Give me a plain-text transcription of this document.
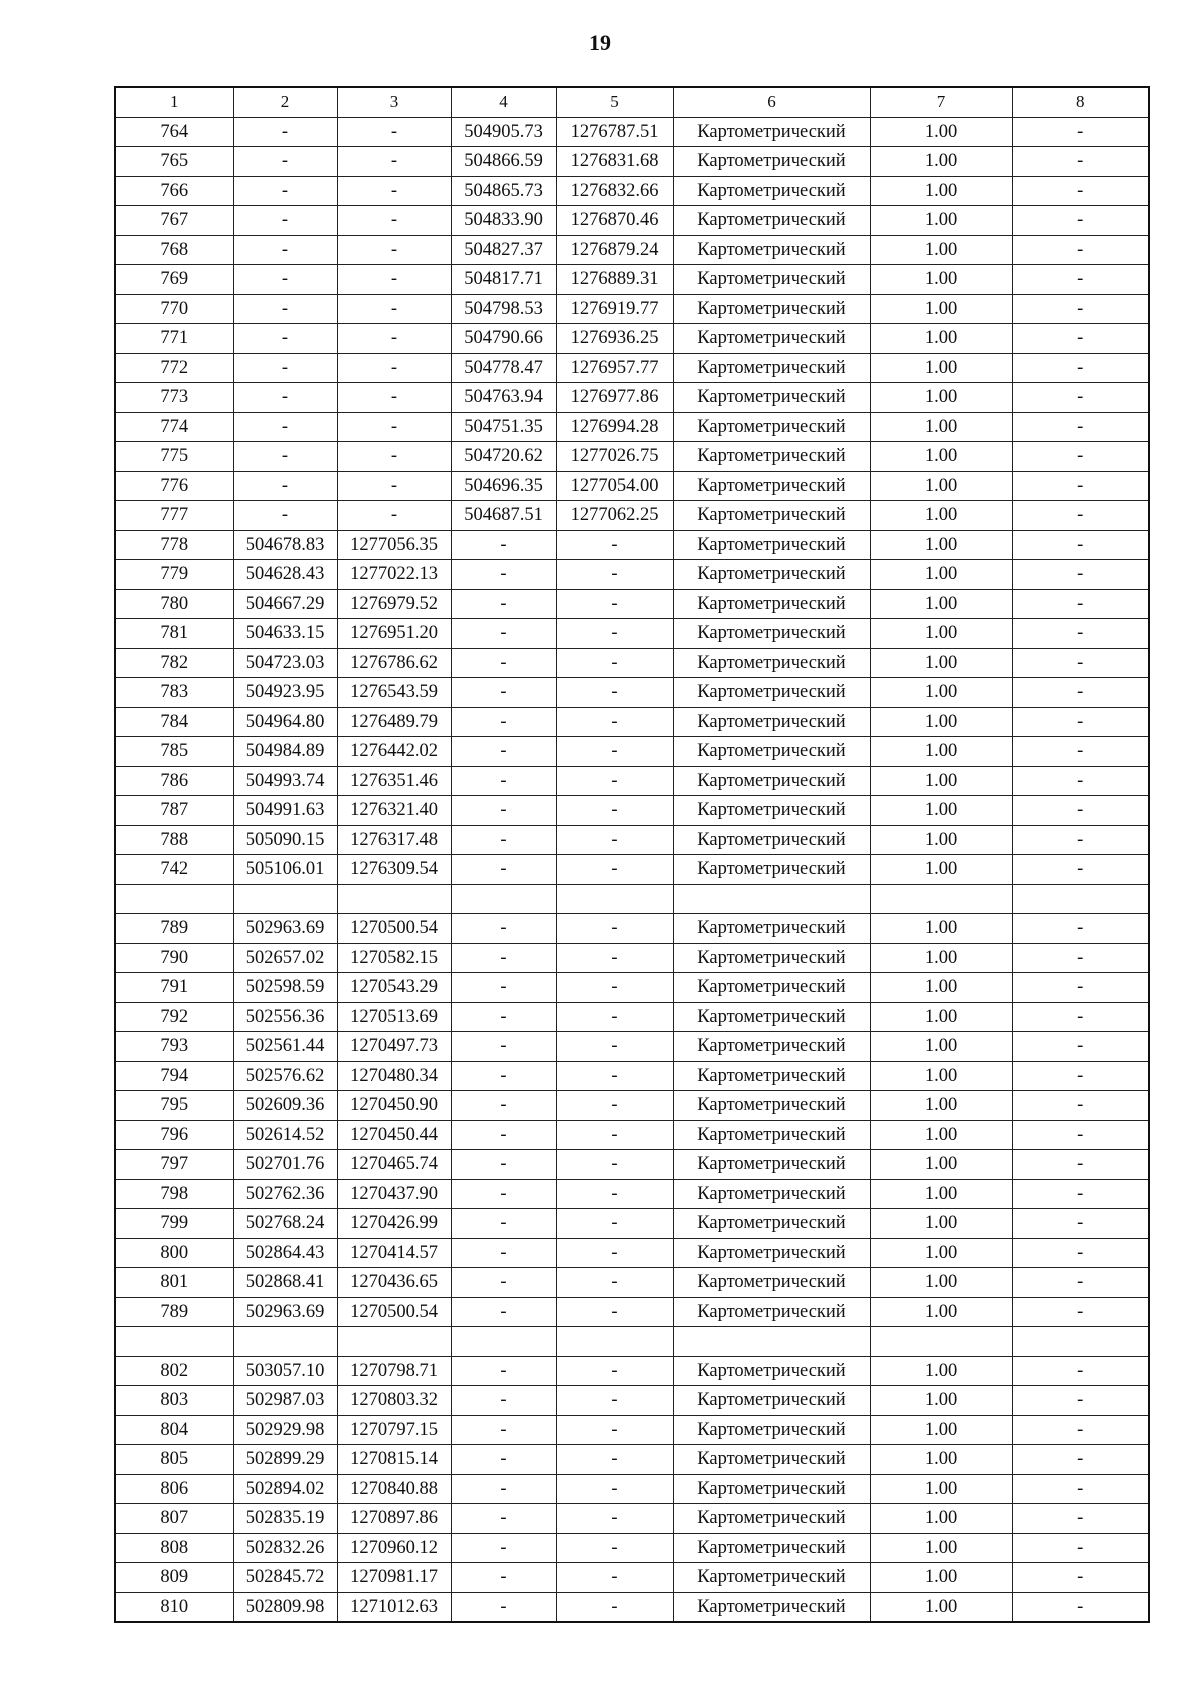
19
1	2	3	4	5	6	7	8
764	-	-	504905.73	1276787.51	Картометрический	1.00	-
765	-	-	504866.59	1276831.68	Картометрический	1.00	-
766	-	-	504865.73	1276832.66	Картометрический	1.00	-
767	-	-	504833.90	1276870.46	Картометрический	1.00	-
768	-	-	504827.37	1276879.24	Картометрический	1.00	-
769	-	-	504817.71	1276889.31	Картометрический	1.00	-
770	-	-	504798.53	1276919.77	Картометрический	1.00	-
771	-	-	504790.66	1276936.25	Картометрический	1.00	-
772	-	-	504778.47	1276957.77	Картометрический	1.00	-
773	-	-	504763.94	1276977.86	Картометрический	1.00	-
774	-	-	504751.35	1276994.28	Картометрический	1.00	-
775	-	-	504720.62	1277026.75	Картометрический	1.00	-
776	-	-	504696.35	1277054.00	Картометрический	1.00	-
777	-	-	504687.51	1277062.25	Картометрический	1.00	-
778	504678.83	1277056.35	-	-	Картометрический	1.00	-
779	504628.43	1277022.13	-	-	Картометрический	1.00	-
780	504667.29	1276979.52	-	-	Картометрический	1.00	-
781	504633.15	1276951.20	-	-	Картометрический	1.00	-
782	504723.03	1276786.62	-	-	Картометрический	1.00	-
783	504923.95	1276543.59	-	-	Картометрический	1.00	-
784	504964.80	1276489.79	-	-	Картометрический	1.00	-
785	504984.89	1276442.02	-	-	Картометрический	1.00	-
786	504993.74	1276351.46	-	-	Картометрический	1.00	-
787	504991.63	1276321.40	-	-	Картометрический	1.00	-
788	505090.15	1276317.48	-	-	Картометрический	1.00	-
742	505106.01	1276309.54	-	-	Картометрический	1.00	-

789	502963.69	1270500.54	-	-	Картометрический	1.00	-
790	502657.02	1270582.15	-	-	Картометрический	1.00	-
791	502598.59	1270543.29	-	-	Картометрический	1.00	-
792	502556.36	1270513.69	-	-	Картометрический	1.00	-
793	502561.44	1270497.73	-	-	Картометрический	1.00	-
794	502576.62	1270480.34	-	-	Картометрический	1.00	-
795	502609.36	1270450.90	-	-	Картометрический	1.00	-
796	502614.52	1270450.44	-	-	Картометрический	1.00	-
797	502701.76	1270465.74	-	-	Картометрический	1.00	-
798	502762.36	1270437.90	-	-	Картометрический	1.00	-
799	502768.24	1270426.99	-	-	Картометрический	1.00	-
800	502864.43	1270414.57	-	-	Картометрический	1.00	-
801	502868.41	1270436.65	-	-	Картометрический	1.00	-
789	502963.69	1270500.54	-	-	Картометрический	1.00	-

802	503057.10	1270798.71	-	-	Картометрический	1.00	-
803	502987.03	1270803.32	-	-	Картометрический	1.00	-
804	502929.98	1270797.15	-	-	Картометрический	1.00	-
805	502899.29	1270815.14	-	-	Картометрический	1.00	-
806	502894.02	1270840.88	-	-	Картометрический	1.00	-
807	502835.19	1270897.86	-	-	Картометрический	1.00	-
808	502832.26	1270960.12	-	-	Картометрический	1.00	-
809	502845.72	1270981.17	-	-	Картометрический	1.00	-
810	502809.98	1271012.63	-	-	Картометрический	1.00	-
